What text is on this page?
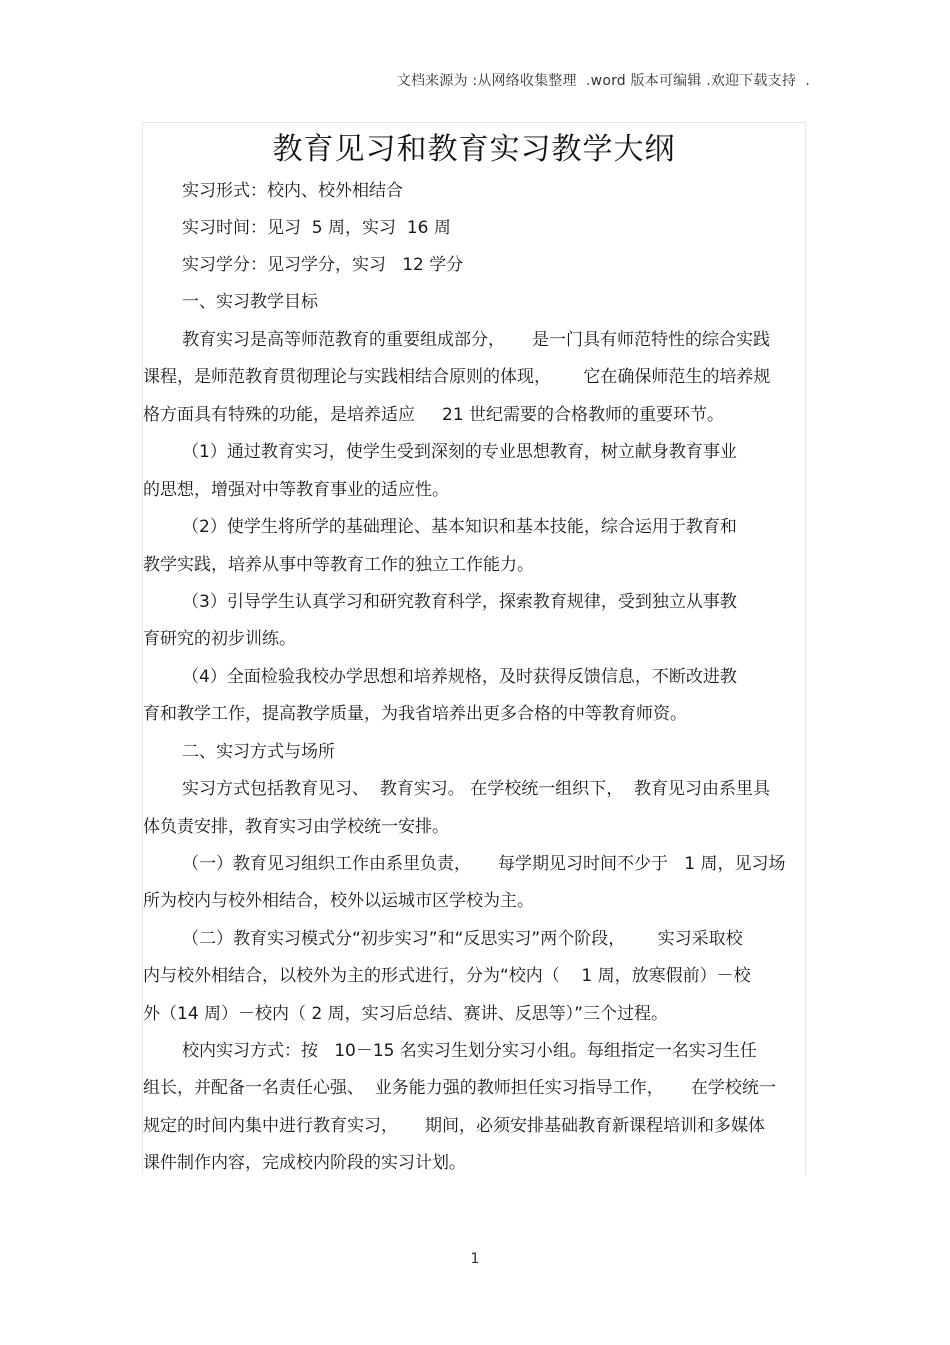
文档来源为 :从网络收集整理  .word 版本可编辑 .欢迎下载支持  .
教育见习和教育实习教学大纲
实习形式：校内、校外相结合
实习时间：见习  5 周，实习  16 周
实习学分：见习学分，实习   12 学分
一、实习教学目标
教育实习是高等师范教育的重要组成部分，     是一门具有师范特性的综合实践
课程，是师范教育贯彻理论与实践相结合原则的体现，      它在确保师范生的培养规
格方面具有特殊的功能，是培养适应     21 世纪需要的合格教师的重要环节。
（1）通过教育实习，使学生受到深刻的专业思想教育，树立献身教育事业
的思想，增强对中等教育事业的适应性。
（2）使学生将所学的基础理论、基本知识和基本技能，综合运用于教育和
教学实践，培养从事中等教育工作的独立工作能力。
（3）引导学生认真学习和研究教育科学，探索教育规律，受到独立从事教
育研究的初步训练。
（4）全面检验我校办学思想和培养规格，及时获得反馈信息，不断改进教
育和教学工作，提高教学质量，为我省培养出更多合格的中等教育师资。
二、实习方式与场所
实习方式包括教育见习、  教育实习。 在学校统一组织下，  教育见习由系里具
体负责安排，教育实习由学校统一安排。
（一）教育见习组织工作由系里负责，     每学期见习时间不少于   1 周，见习场
所为校内与校外相结合，校外以运城市区学校为主。
（二）教育实习模式分“初步实习”和“反思实习”两个阶段，      实习采取校
内与校外相结合，以校外为主的形式进行，分为“校内（    1 周，放寒假前）－校
外（14 周）－校内（ 2 周，实习后总结、赛讲、反思等）”三个过程。
校内实习方式：按   10－15 名实习生划分实习小组。每组指定一名实习生任
组长，并配备一名责任心强、  业务能力强的教师担任实习指导工作，     在学校统一
规定的时间内集中进行教育实习，     期间，必须安排基础教育新课程培训和多媒体
课件制作内容，完成校内阶段的实习计划。
1
